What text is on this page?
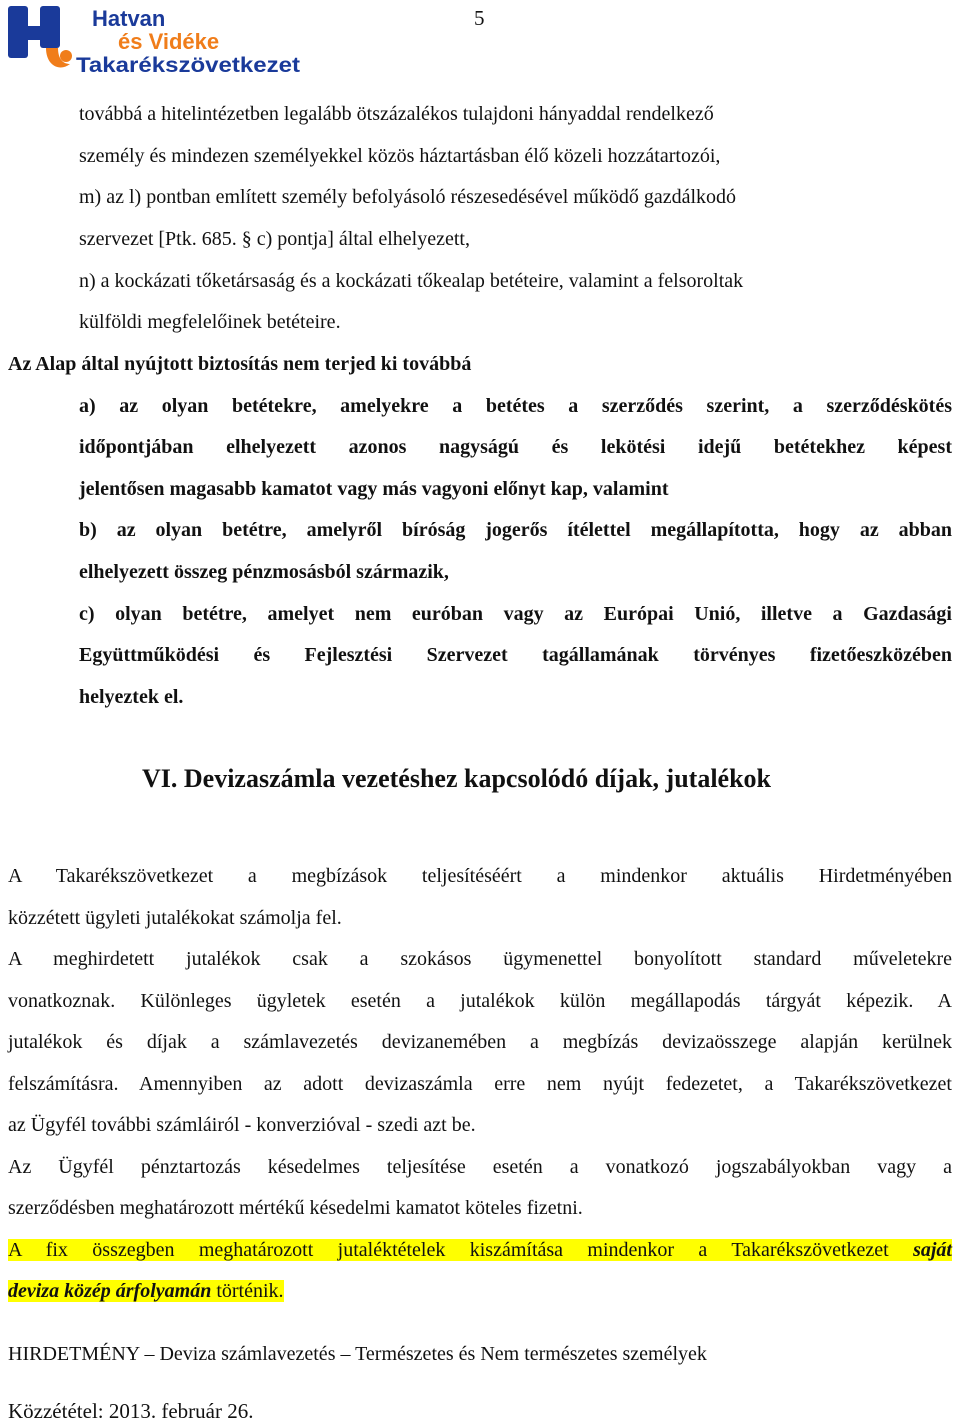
Hatvan
és Vidéke
Takarékszövetkezet
5

továbbá a hitelintézetben legalább ötszázalékos tulajdoni hányaddal rendelkező

személy és mindezen személyekkel közös háztartásban élő közeli hozzátartozói,

m) az l) pontban említett személy befolyásoló részesedésével működő gazdálkodó

szervezet [Ptk. 685. § c) pontja] által elhelyezett,

n) a kockázati tőketársaság és a kockázati tőkealap betéteire, valamint a felsoroltak

külföldi megfelelőinek betéteire.

Az Alap által nyújtott biztosítás nem terjed ki továbbá

a) az olyan betétekre, amelyekre a betétes a szerződés szerint, a szerződéskötés

időpontjában elhelyezett azonos nagyságú és lekötési idejű betétekhez képest

jelentősen magasabb kamatot vagy más vagyoni előnyt kap, valamint

b) az olyan betétre, amelyről bíróság jogerős ítélettel megállapította, hogy az abban

elhelyezett összeg pénzmosásból származik,

c) olyan betétre, amelyet nem euróban vagy az Európai Unió, illetve a Gazdasági

Együttműködési és Fejlesztési Szervezet tagállamának törvényes fizetőeszközében

helyeztek el.

VI. Devizaszámla vezetéshez kapcsolódó díjak, jutalékok

A Takarékszövetkezet a megbízások teljesítéséért a mindenkor aktuális Hirdetményében

közzétett ügyleti jutalékokat számolja fel.

A meghirdetett jutalékok csak a szokásos ügymenettel bonyolított standard műveletekre

vonatkoznak. Különleges ügyletek esetén a jutalékok külön megállapodás tárgyát képezik. A

jutalékok és díjak a számlavezetés devizanemében a megbízás devizaösszege alapján kerülnek

felszámításra. Amennyiben az adott devizaszámla erre nem nyújt fedezetet, a Takarékszövetkezet

az Ügyfél további számláiról - konverzióval - szedi azt be.

Az Ügyfél pénztartozás késedelmes teljesítése esetén a vonatkozó jogszabályokban vagy a

szerződésben meghatározott mértékű késedelmi kamatot köteles fizetni.

A fix összegben meghatározott jutaléktételek kiszámítása mindenkor a Takarékszövetkezet saját

deviza közép árfolyamán történik.

HIRDETMÉNY – Deviza számlavezetés – Természetes és Nem természetes személyek

Közzététel: 2013. február 26.
